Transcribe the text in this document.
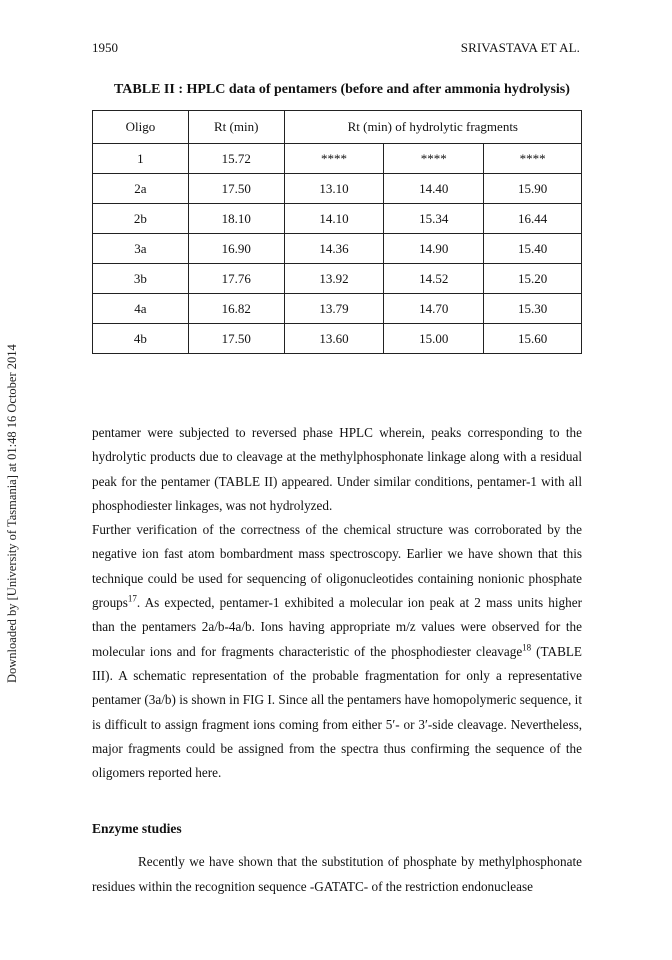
Downloaded by [University of Tasmania] at 01:48 16 October 2014
1950	SRIVASTAVA ET AL.
TABLE II : HPLC data of pentamers (before and after ammonia hydrolysis)
Oligo	Rt (min)	Rt (min) of hydrolytic fragments		
1	15.72	****	****	****
2a	17.50	13.10	14.40	15.90
2b	18.10	14.10	15.34	16.44
3a	16.90	14.36	14.90	15.40
3b	17.76	13.92	14.52	15.20
4a	16.82	13.79	14.70	15.30
4b	17.50	13.60	15.00	15.60

pentamer were subjected to reversed phase HPLC wherein, peaks corresponding to the hydrolytic products due to cleavage at the methylphosphonate linkage along with a residual peak for the pentamer (TABLE II) appeared. Under similar conditions, pentamer-1 with all phosphodiester linkages, was not hydrolyzed.

Further verification of the correctness of the chemical structure was corroborated by the negative ion fast atom bombardment mass spectroscopy. Earlier we have shown that this technique could be used for sequencing of oligonucleotides containing nonionic phosphate groups$^{17}$. As expected, pentamer-1 exhibited a molecular ion peak at 2 mass units higher than the pentamers 2a/b-4a/b. Ions having appropriate m/z values were observed for the molecular ions and for fragments characteristic of the phosphodiester cleavage$^{18}$ (TABLE III). A schematic representation of the probable fragmentation for only a representative pentamer (3a/b) is shown in FIG I. Since all the pentamers have homopolymeric sequence, it is difficult to assign fragment ions coming from either 5′- or 3′-side cleavage. Nevertheless, major fragments could be assigned from the spectra thus confirming the sequence of the oligomers reported here.

Enzyme studies

Recently we have shown that the substitution of phosphate by methylphosphonate residues within the recognition sequence -GATATC- of the restriction endonuclease
